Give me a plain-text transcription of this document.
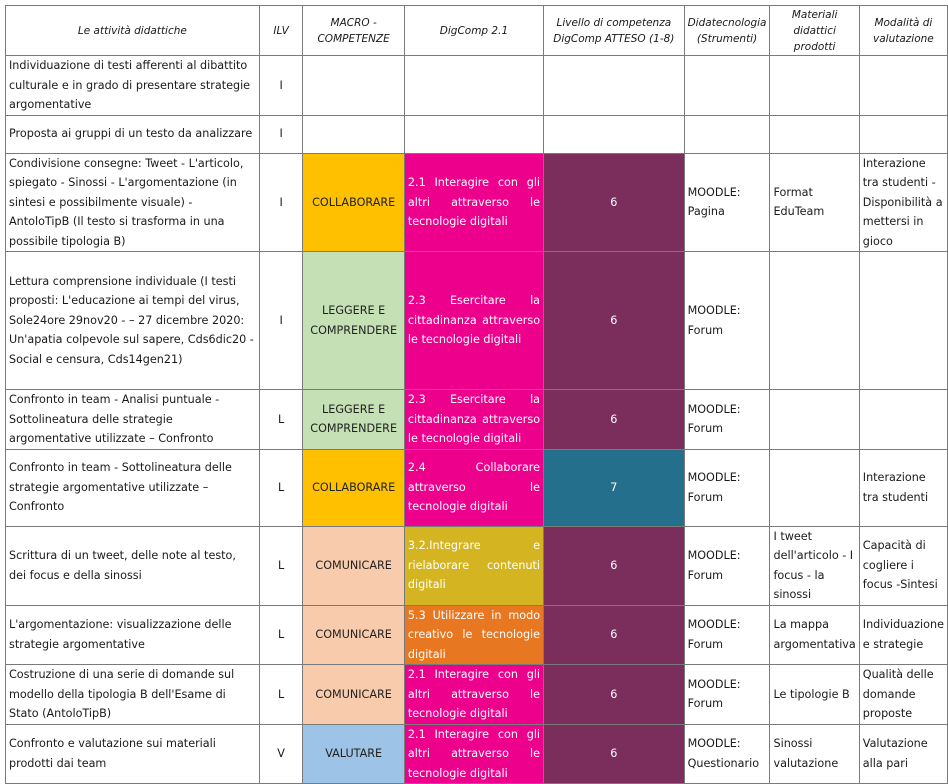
Le attività didattiche	ILV	MACRO - COMPETENZE	DigComp 2.1	Livello di competenza DigComp ATTESO (1-8)	Didatecnologia (Strumenti)	Materiali didattici prodotti	Modalità di valutazione
Individuazione di testi afferenti al dibattito culturale e in grado di presentare strategie argomentative	I						
Proposta ai gruppi di un testo da analizzare	I						
Condivisione consegne: Tweet - L'articolo, spiegato - Sinossi - L'argomentazione (in sintesi e possibilmente visuale) - AntoloTipB (Il testo si trasforma in una possibile tipologia B)	I	COLLABORARE	2.1 Interagire con gli altri attraverso le tecnologie digitali	6	MOODLE: Pagina	Format EduTeam	Interazione tra studenti - Disponibilità a mettersi in gioco
Lettura comprensione individuale (I testi proposti: L'educazione ai tempi del virus, Sole24ore 29nov20 - – 27 dicembre 2020: Un'apatia colpevole sul sapere, Cds6dic20 - Social e censura, Cds14gen21)	I	LEGGERE E COMPRENDERE	2.3 Esercitare la cittadinanza attraverso le tecnologie digitali	6	MOODLE: Forum		
Confronto in team - Analisi puntuale - Sottolineatura delle strategie argomentative utilizzate – Confronto	L	LEGGERE E COMPRENDERE	2.3 Esercitare la cittadinanza attraverso le tecnologie digitali	6	MOODLE: Forum		
Confronto in team - Sottolineatura delle strategie argomentative utilizzate – Confronto	L	COLLABORARE	2.4 Collaborare attraverso le tecnologie digitali	7	MOODLE: Forum		Interazione tra studenti
Scrittura di un tweet, delle note al testo, dei focus e della sinossi	L	COMUNICARE	3.2.Integrare e rielaborare contenuti digitali	6	MOODLE: Forum	I tweet dell'articolo - I focus - la sinossi	Capacità di cogliere i focus -Sintesi
L'argomentazione: visualizzazione delle strategie argomentative	L	COMUNICARE	5.3 Utilizzare in modo creativo le tecnologie digitali	6	MOODLE: Forum	La mappa argomentativa	Individuazione e strategie
Costruzione di una serie di domande sul modello della tipologia B dell'Esame di Stato (AntoloTipB)	L	COMUNICARE	2.1 Interagire con gli altri attraverso le tecnologie digitali	6	MOODLE: Forum	Le tipologie B	Qualità delle domande proposte
Confronto e valutazione sui materiali prodotti dai team	V	VALUTARE	2.1 Interagire con gli altri attraverso le tecnologie digitali	6	MOODLE: Questionario	Sinossi valutazione	Valutazione alla pari
